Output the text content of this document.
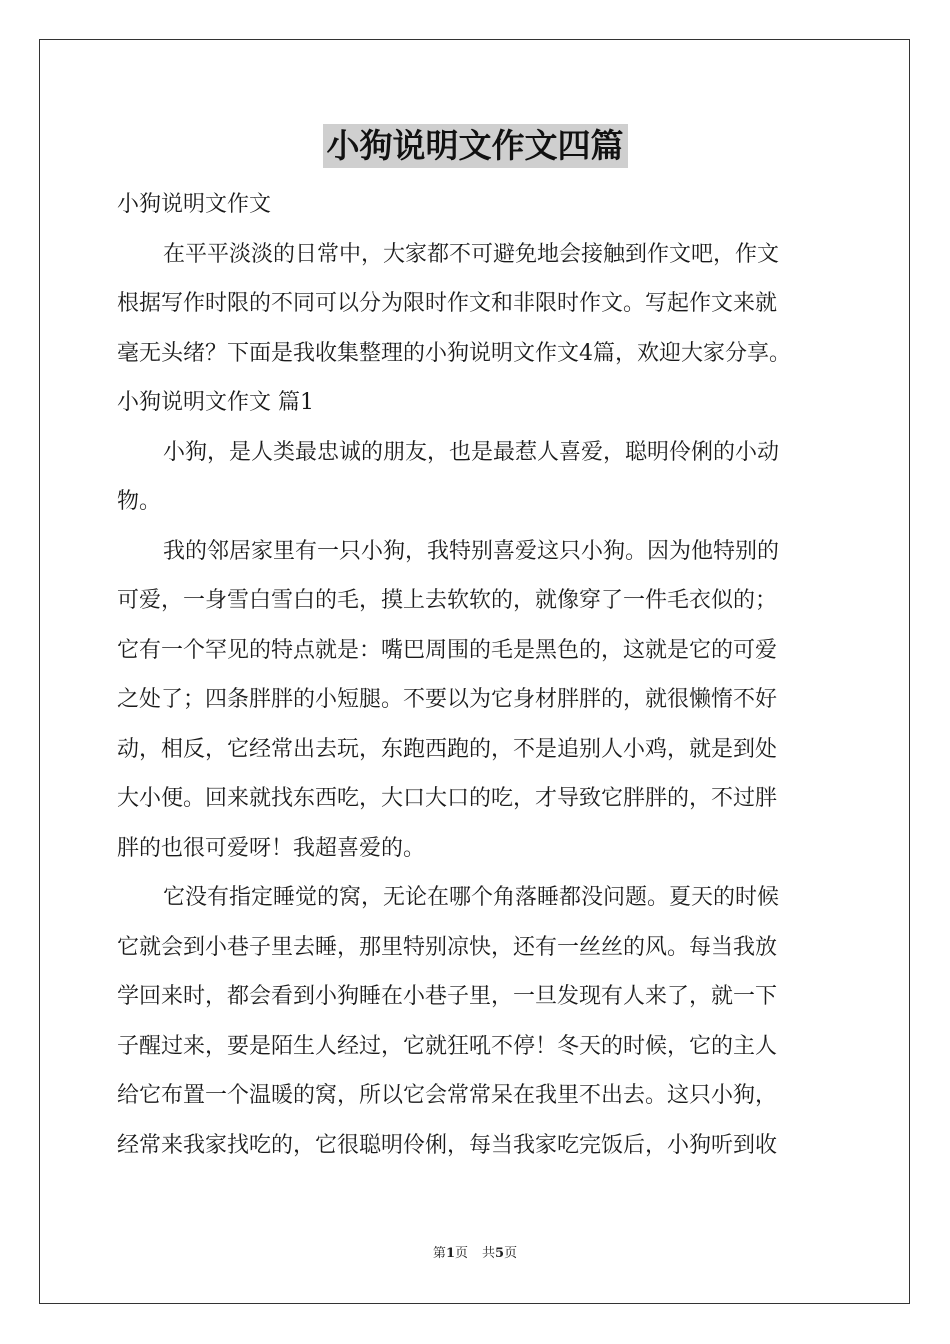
小狗说明文作文四篇
小狗说明文作文
在平平淡淡的日常中，大家都不可避免地会接触到作文吧，作文
根据写作时限的不同可以分为限时作文和非限时作文。写起作文来就
毫无头绪？下面是我收集整理的小狗说明文作文4篇，欢迎大家分享。
小狗说明文作文 篇1
小狗，是人类最忠诚的朋友，也是最惹人喜爱，聪明伶俐的小动
物。
我的邻居家里有一只小狗，我特别喜爱这只小狗。因为他特别的
可爱，一身雪白雪白的毛，摸上去软软的，就像穿了一件毛衣似的；
它有一个罕见的特点就是：嘴巴周围的毛是黑色的，这就是它的可爱
之处了；四条胖胖的小短腿。不要以为它身材胖胖的，就很懒惰不好
动，相反，它经常出去玩，东跑西跑的，不是追别人小鸡，就是到处
大小便。回来就找东西吃，大口大口的吃，才导致它胖胖的，不过胖
胖的也很可爱呀！我超喜爱的。
它没有指定睡觉的窝，无论在哪个角落睡都没问题。夏天的时候
它就会到小巷子里去睡，那里特别凉快，还有一丝丝的风。每当我放
学回来时，都会看到小狗睡在小巷子里，一旦发现有人来了，就一下
子醒过来，要是陌生人经过，它就狂吼不停！冬天的时候，它的主人
给它布置一个温暖的窝，所以它会常常呆在我里不出去。这只小狗，
经常来我家找吃的，它很聪明伶俐，每当我家吃完饭后，小狗听到收
第1页 共5页
